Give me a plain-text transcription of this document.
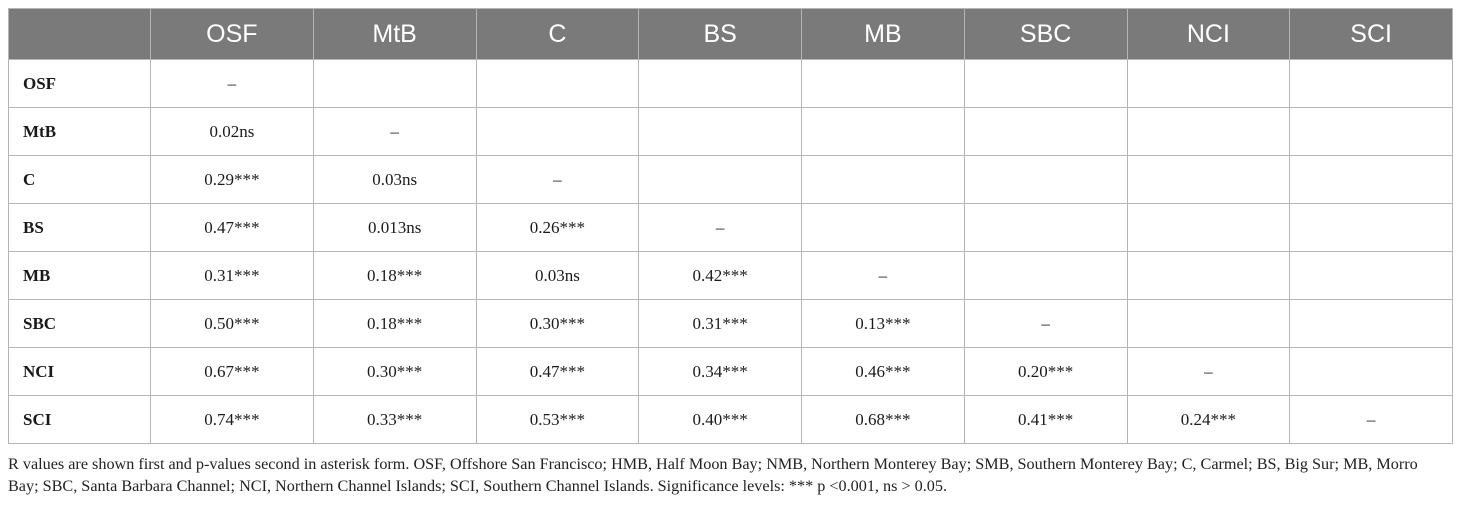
	OSF	MtB	C	BS	MB	SBC	NCI	SCI
OSF	–							
MtB	0.02ns	–						
C	0.29***	0.03ns	–					
BS	0.47***	0.013ns	0.26***	–				
MB	0.31***	0.18***	0.03ns	0.42***	–			
SBC	0.50***	0.18***	0.30***	0.31***	0.13***	–		
NCI	0.67***	0.30***	0.47***	0.34***	0.46***	0.20***	–	
SCI	0.74***	0.33***	0.53***	0.40***	0.68***	0.41***	0.24***	–

R values are shown first and p-values second in asterisk form. OSF, Offshore San Francisco; HMB, Half Moon Bay; NMB, Northern Monterey Bay; SMB, Southern Monterey Bay; C, Carmel; BS, Big Sur; MB, Morro Bay; SBC, Santa Barbara Channel; NCI, Northern Channel Islands; SCI, Southern Channel Islands. Significance levels: *** p <0.001, ns > 0.05.
